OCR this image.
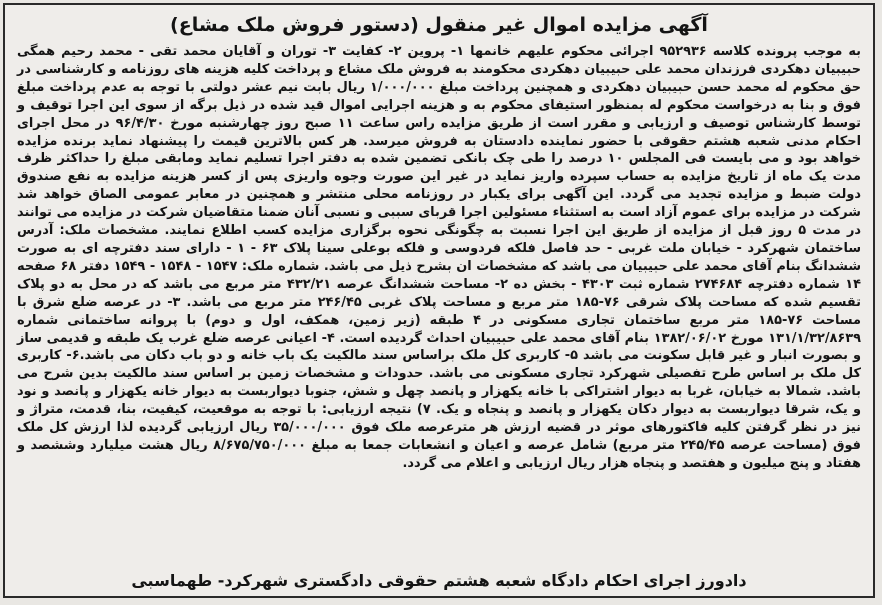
آگهی مزایده اموال غیر منقول (دستور فروش ملک مشاع)
به موجب پرونده کلاسه ۹۵۲۹۳۶ اجرائی محکوم علیهم خانمها ۱- پروین ۲- کفایت ۳- توران و آقایان محمد تقی - محمد رحیم همگی حبیبیان دهکردی فرزندان محمد علی حبیبیان دهکردی محکومند به فروش ملک مشاع و پرداخت کلیه هزینه های روزنامه و کارشناسی در حق محکوم له محمد حسن حبیبیان دهکردی و همچنین پرداخت مبلغ ۱/۰۰۰/۰۰۰ ریال بابت نیم عشر دولتی با توجه به عدم پرداخت مبلغ فوق و بنا به درخواست محکوم له بمنظور استیفای محکوم به و هزینه اجرایی اموال قید شده در ذیل برگه از سوی این اجرا توقیف و توسط کارشناس توصیف و ارزیابی و مقرر است از طریق مزایده راس ساعت ۱۱ صبح روز چهارشنبه مورخ ۹۶/۴/۳۰ در محل اجرای احکام مدنی شعبه هشتم حقوقی با حضور نماینده دادستان به فروش میرسد. هر کس بالاترین قیمت را پیشنهاد نماید برنده مزایده خواهد بود و می بایست فی المجلس ۱۰ درصد را طی چک بانکی تضمین شده به دفتر اجرا تسلیم نماید ومابقی مبلغ را حداکثر ظرف مدت یک ماه از تاریخ مزایده به حساب سپرده واریز نماید در غیر این صورت وجوه واریزی پس از کسر هزینه مزایده به نفع صندوق دولت ضبط و مزایده تجدید می گردد. این آگهی برای یکبار در روزنامه محلی منتشر و همچنین در معابر عمومی الصاق خواهد شد شرکت در مزایده برای عموم آزاد است به استثناء مسئولین اجرا قربای سببی و نسبی آنان ضمنا متقاضیان شرکت در مزایده می توانند در مدت ۵ روز قبل از مزایده از طریق این اجرا نسبت به چگونگی نحوه برگزاری مزایده کسب اطلاع نمایند. مشخصات ملک: آدرس ساختمان شهرکرد - خیابان ملت غربی - حد فاصل فلکه فردوسی و فلکه بوعلی سینا پلاک ۶۳ - ۱ - دارای سند دفترچه ای به صورت ششدانگ بنام آقای محمد علی حبیبیان می باشد که مشخصات ان بشرح ذیل می باشد. شماره ملک: ۱۵۴۷ - ۱۵۴۸ - ۱۵۴۹ دفتر ۶۸ صفحه ۱۴ شماره دفترچه ۲۷۴۶۸۴ شماره ثبت ۴۳۰۳ - بخش ده ۲- مساحت ششدانگ عرصه ۴۳۲/۲۱ متر مربع می باشد که در محل به دو پلاک تقسیم شده که مساحت پلاک شرقی ۷۶-۱۸۵ متر مربع و مساحت پلاک غربی ۲۴۶/۴۵ متر مربع می باشد. ۳- در عرصه ضلع شرق با مساحت ۷۶-۱۸۵ متر مربع ساختمان تجاری مسکونی در ۴ طبقه (زیر زمین، همکف، اول و دوم) با پروانه ساختمانی شماره ۱۳۱/۱/۳۲/۸۶۳۹ مورخ ۱۳۸۲/۰۶/۰۲ بنام آقای محمد علی حبیبیان احداث گردیده است. ۴- اعیانی عرصه ضلع غرب یک طبقه و قدیمی ساز و بصورت انبار و غیر قابل سکونت می باشد ۵- کاربری کل ملک براساس سند مالکیت یک باب خانه و دو باب دکان می باشد.۶- کاربری کل ملک بر اساس طرح تفصیلی شهرکرد تجاری مسکونی می باشد. حدودات و مشخصات زمین بر اساس سند مالکیت بدین شرح می باشد. شمالا به خیابان، غربا به دیوار اشتراکی با خانه یکهزار و پانصد چهل و شش، جنوبا دیواربست به دیوار خانه یکهزار و پانصد و نود و یک، شرقا دیواربست به دیوار دکان یکهزار و پانصد و پنجاه و یک. ۷) نتیجه ارزیابی: با توجه به موقعیت، کیفیت، بنا، قدمت، متراژ و نیز در نظر گرفتن کلیه فاکتورهای موثر در قضیه ارزش هر مترعرصه ملک فوق ۳۵/۰۰۰/۰۰۰ ریال ارزیابی گردیده لذا ارزش کل ملک فوق (مساحت عرصه ۲۴۵/۴۵ متر مربع) شامل عرصه و اعیان و انشعابات جمعا به مبلغ ۸/۶۷۵/۷۵۰/۰۰۰ ریال هشت میلیارد وششصد و هفتاد و پنج میلیون و هفتصد و پنجاه هزار ریال ارزیابی و اعلام می گردد.
دادورز اجرای احکام دادگاه شعبه هشتم حقوقی دادگستری شهرکرد- طهماسبی
